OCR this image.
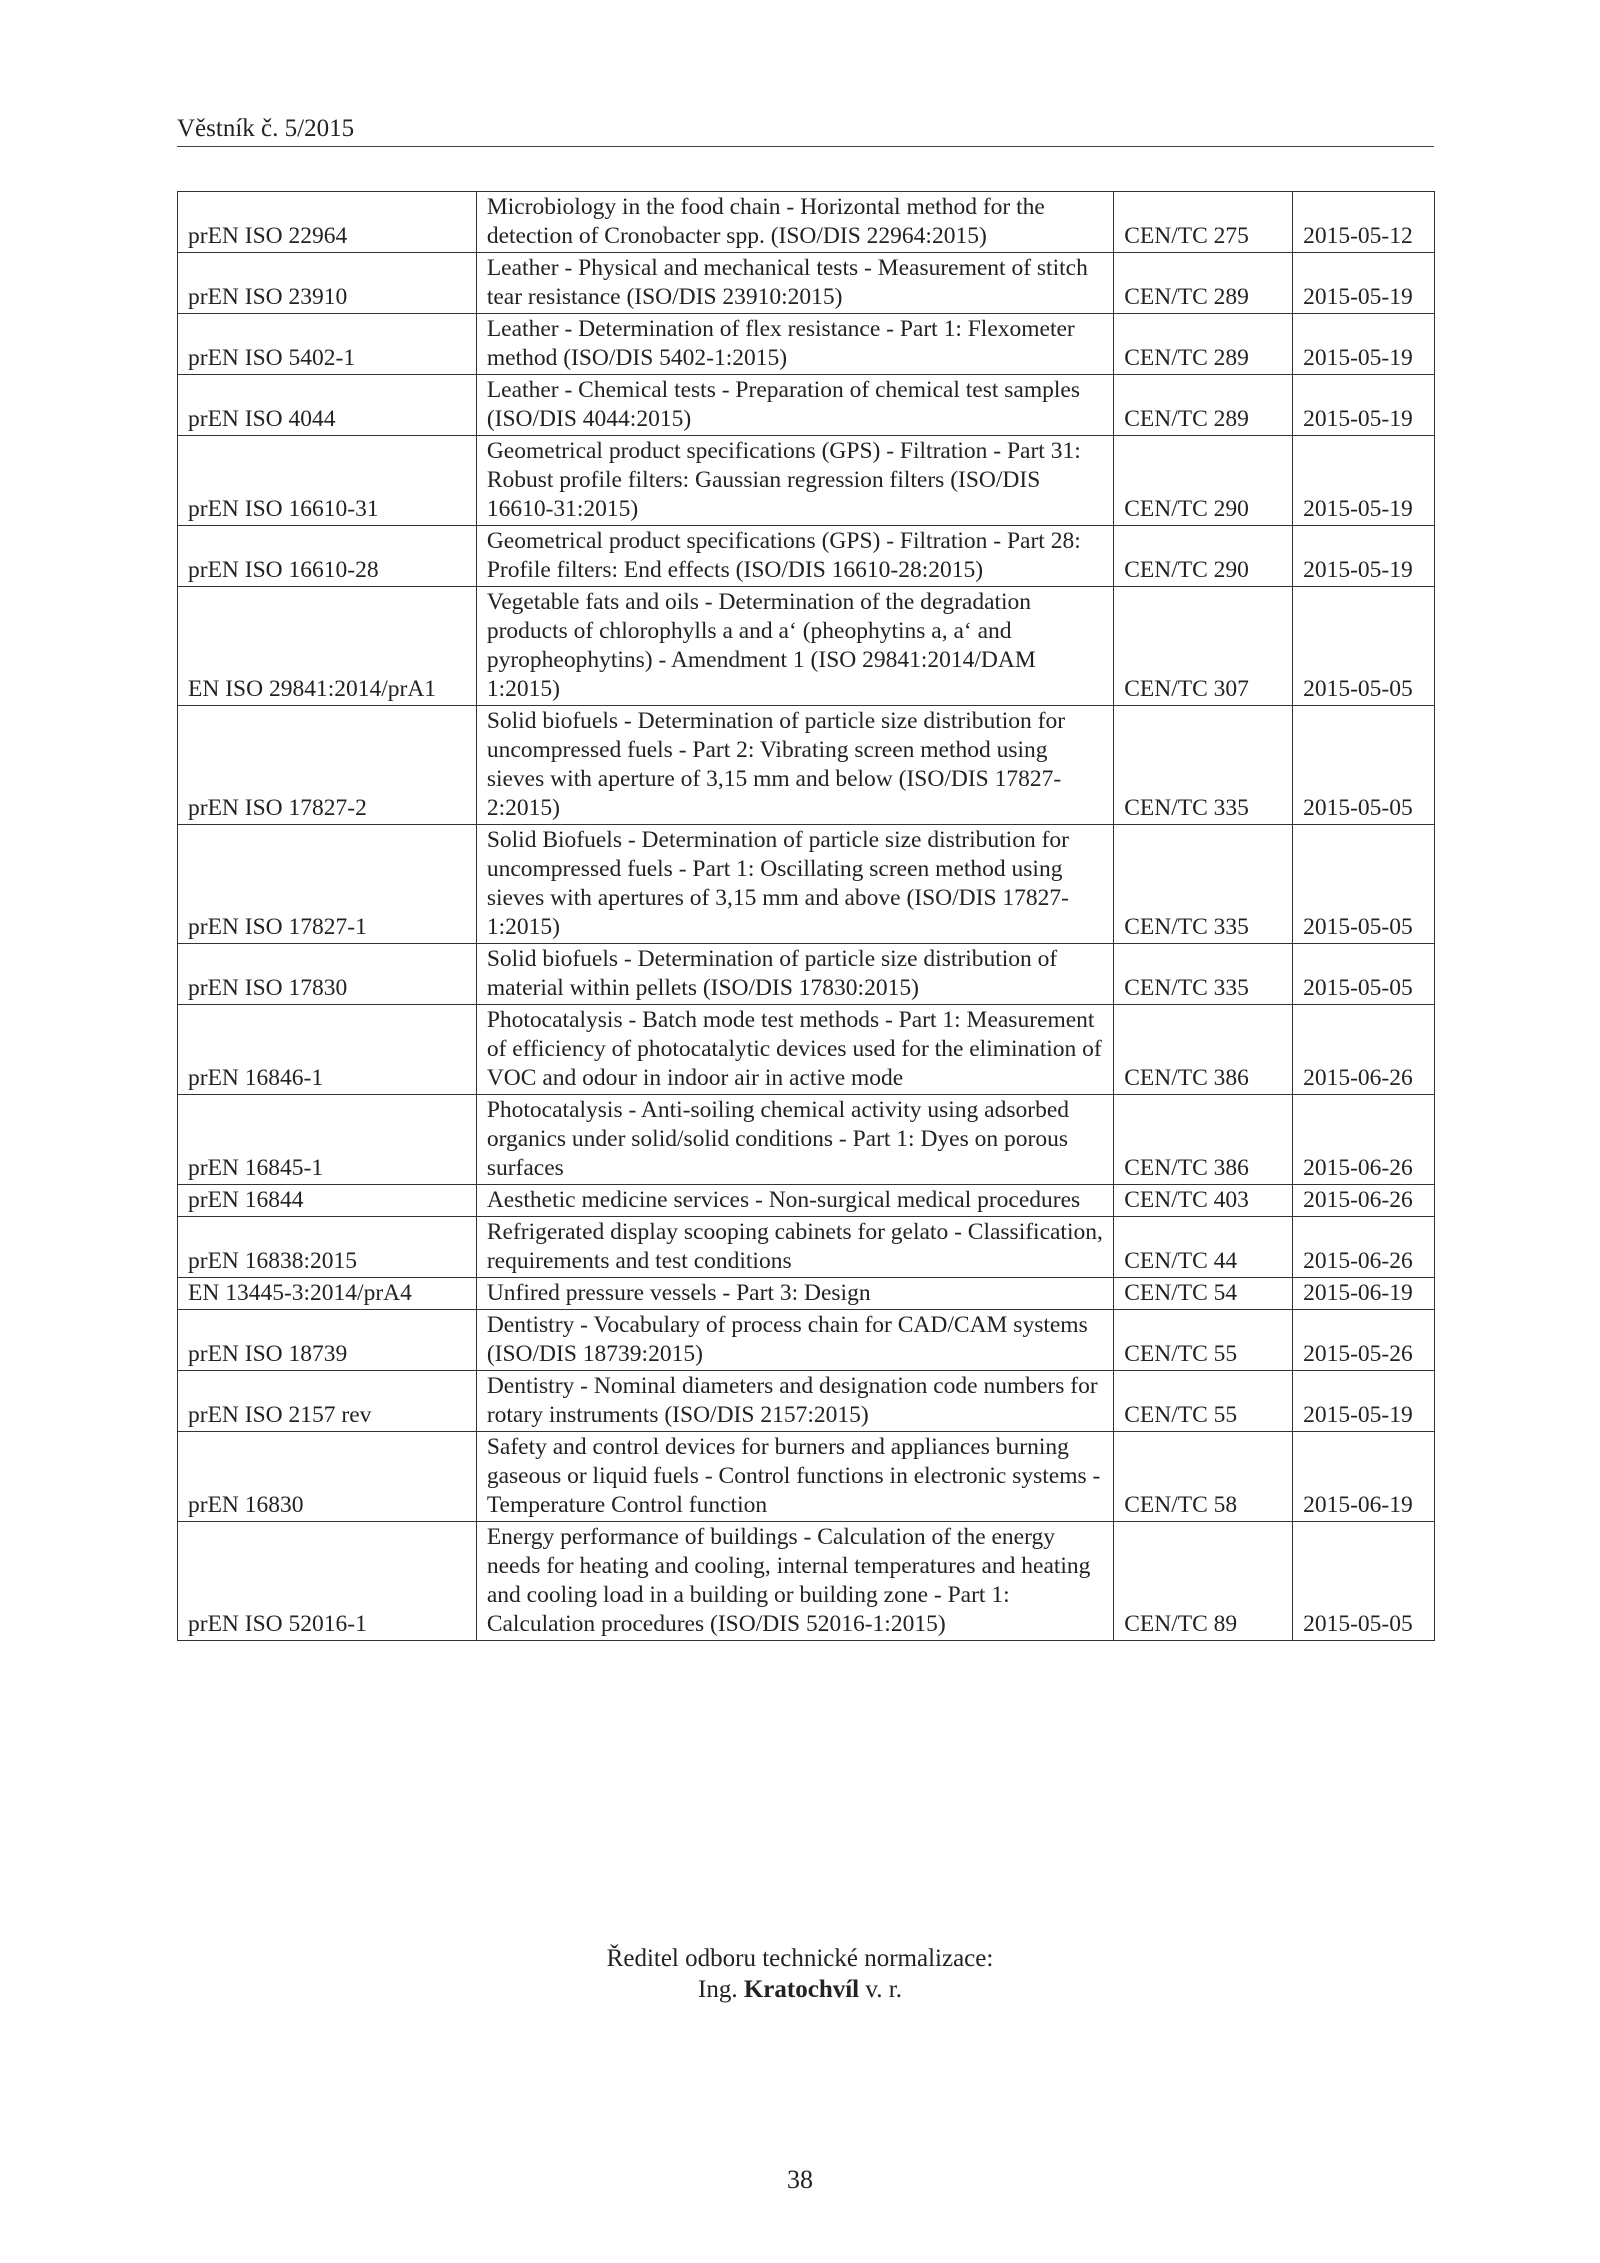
Věstník č. 5/2015
prEN ISO 22964	Microbiology in the food chain - Horizontal method for the detection of Cronobacter spp. (ISO/DIS 22964:2015)	CEN/TC 275	2015-05-12
prEN ISO 23910	Leather - Physical and mechanical tests - Measurement of stitch tear resistance (ISO/DIS 23910:2015)	CEN/TC 289	2015-05-19
prEN ISO 5402-1	Leather - Determination of flex resistance - Part 1: Flexometer method (ISO/DIS 5402-1:2015)	CEN/TC 289	2015-05-19
prEN ISO 4044	Leather - Chemical tests - Preparation of chemical test samples (ISO/DIS 4044:2015)	CEN/TC 289	2015-05-19
prEN ISO 16610-31	Geometrical product specifications (GPS) - Filtration - Part 31: Robust profile filters: Gaussian regression filters (ISO/DIS 16610-31:2015)	CEN/TC 290	2015-05-19
prEN ISO 16610-28	Geometrical product specifications (GPS) - Filtration - Part 28: Profile filters: End effects (ISO/DIS 16610-28:2015)	CEN/TC 290	2015-05-19
EN ISO 29841:2014/prA1	Vegetable fats and oils - Determination of the degradation products of chlorophylls a and a‘ (pheophytins a, a‘ and pyropheophytins) - Amendment 1 (ISO 29841:2014/DAM 1:2015)	CEN/TC 307	2015-05-05
prEN ISO 17827-2	Solid biofuels - Determination of particle size distribution for uncompressed fuels - Part 2: Vibrating screen method using sieves with aperture of 3,15 mm and below (ISO/DIS 17827-2:2015)	CEN/TC 335	2015-05-05
prEN ISO 17827-1	Solid Biofuels - Determination of particle size distribution for uncompressed fuels - Part 1: Oscillating screen method using sieves with apertures of 3,15 mm and above (ISO/DIS 17827-1:2015)	CEN/TC 335	2015-05-05
prEN ISO 17830	Solid biofuels - Determination of particle size distribution of material within pellets (ISO/DIS 17830:2015)	CEN/TC 335	2015-05-05
prEN 16846-1	Photocatalysis - Batch mode test methods - Part 1: Measurement of efficiency of photocatalytic devices used for the elimination of VOC and odour in indoor air in active mode	CEN/TC 386	2015-06-26
prEN 16845-1	Photocatalysis - Anti-soiling chemical activity using adsorbed organics under solid/solid conditions - Part 1: Dyes on porous surfaces	CEN/TC 386	2015-06-26
prEN 16844	Aesthetic medicine services - Non-surgical medical procedures	CEN/TC 403	2015-06-26
prEN 16838:2015	Refrigerated display scooping cabinets for gelato - Classification, requirements and test conditions	CEN/TC 44	2015-06-26
EN 13445-3:2014/prA4	Unfired pressure vessels - Part 3: Design	CEN/TC 54	2015-06-19
prEN ISO 18739	Dentistry - Vocabulary of process chain for CAD/CAM systems (ISO/DIS 18739:2015)	CEN/TC 55	2015-05-26
prEN ISO 2157 rev	Dentistry - Nominal diameters and designation code numbers for rotary instruments (ISO/DIS 2157:2015)	CEN/TC 55	2015-05-19
prEN 16830	Safety and control devices for burners and appliances burning gaseous or liquid fuels - Control functions in electronic systems - Temperature Control function	CEN/TC 58	2015-06-19
prEN ISO 52016-1	Energy performance of buildings - Calculation of the energy needs for heating and cooling, internal temperatures and heating and cooling load in a building or building zone - Part 1: Calculation procedures (ISO/DIS 52016-1:2015)	CEN/TC 89	2015-05-05
Ředitel odboru technické normalizace:
Ing. Kratochvíl v. r.
38
